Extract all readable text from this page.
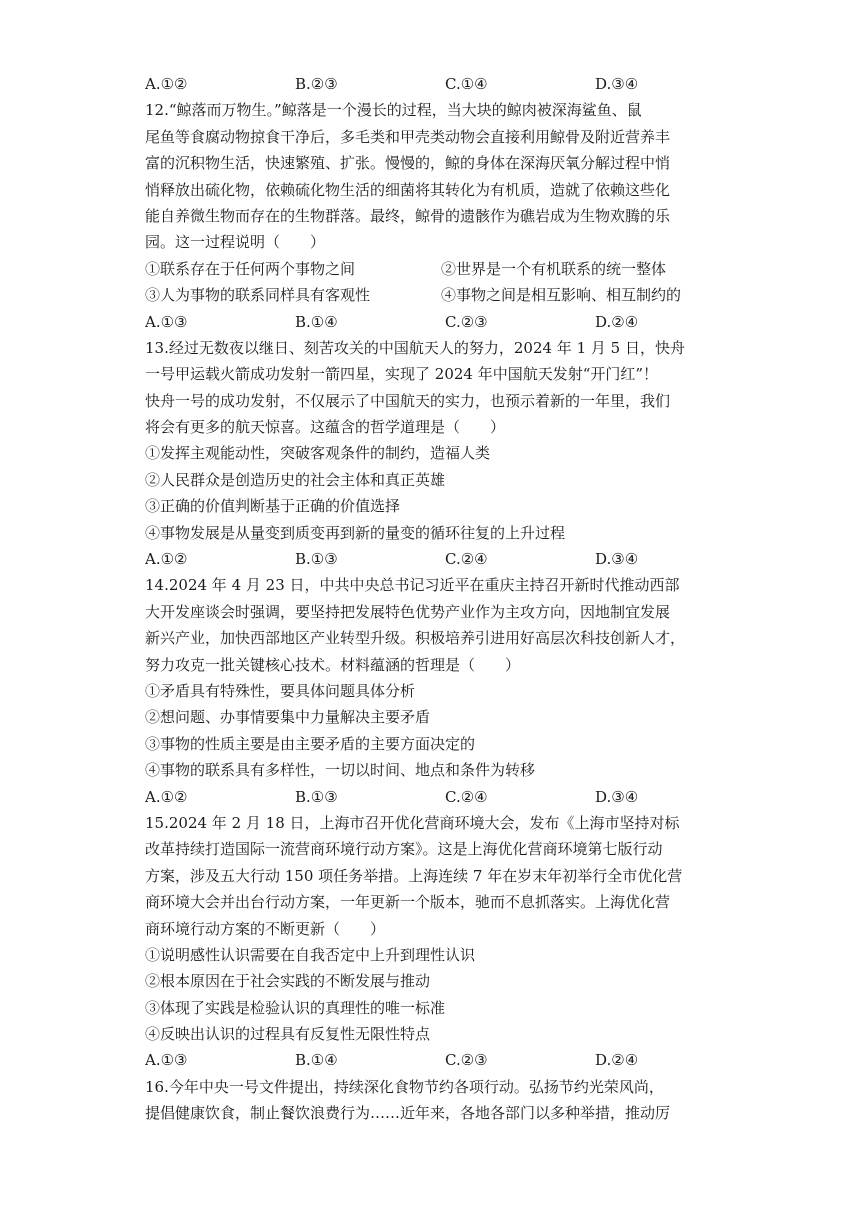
A.①②	B.②③	C.①④	D.③④
12.“鲸落而万物生。”鲸落是一个漫长的过程，当大块的鲸肉被深海鲨鱼、鼠
尾鱼等食腐动物掠食干净后，多毛类和甲壳类动物会直接利用鲸骨及附近营养丰
富的沉积物生活，快速繁殖、扩张。慢慢的，鲸的身体在深海厌氧分解过程中悄
悄释放出硫化物，依赖硫化物生活的细菌将其转化为有机质，造就了依赖这些化
能自养微生物而存在的生物群落。最终，鲸骨的遗骸作为礁岩成为生物欢腾的乐
园。这一过程说明（　　）
①联系存在于任何两个事物之间	②世界是一个有机联系的统一整体
③人为事物的联系同样具有客观性	④事物之间是相互影响、相互制约的
A.①③	B.①④	C.②③	D.②④
13.经过无数夜以继日、刻苦攻关的中国航天人的努力，2024 年 1 月 5 日，快舟
一号甲运载火箭成功发射一箭四星，实现了 2024 年中国航天发射“开门红”！
快舟一号的成功发射，不仅展示了中国航天的实力，也预示着新的一年里，我们
将会有更多的航天惊喜。这蕴含的哲学道理是（　　）
①发挥主观能动性，突破客观条件的制约，造福人类
②人民群众是创造历史的社会主体和真正英雄
③正确的价值判断基于正确的价值选择
④事物发展是从量变到质变再到新的量变的循环往复的上升过程
A.①②	B.①③	C.②④	D.③④
14.2024 年 4 月 23 日，中共中央总书记习近平在重庆主持召开新时代推动西部
大开发座谈会时强调，要坚持把发展特色优势产业作为主攻方向，因地制宜发展
新兴产业，加快西部地区产业转型升级。积极培养引进用好高层次科技创新人才，
努力攻克一批关键核心技术。材料蕴涵的哲理是（　　）
①矛盾具有特殊性，要具体问题具体分析
②想问题、办事情要集中力量解决主要矛盾
③事物的性质主要是由主要矛盾的主要方面决定的
④事物的联系具有多样性，一切以时间、地点和条件为转移
A.①②	B.①③	C.②④	D.③④
15.2024 年 2 月 18 日，上海市召开优化营商环境大会，发布《上海市坚持对标
改革持续打造国际一流营商环境行动方案》。这是上海优化营商环境第七版行动
方案，涉及五大行动 150 项任务举措。上海连续 7 年在岁末年初举行全市优化营
商环境大会并出台行动方案，一年更新一个版本，驰而不息抓落实。上海优化营
商环境行动方案的不断更新（　　）
①说明感性认识需要在自我否定中上升到理性认识
②根本原因在于社会实践的不断发展与推动
③体现了实践是检验认识的真理性的唯一标准
④反映出认识的过程具有反复性无限性特点
A.①③	B.①④	C.②③	D.②④
16.今年中央一号文件提出，持续深化食物节约各项行动。弘扬节约光荣风尚，
提倡健康饮食，制止餐饮浪费行为……近年来，各地各部门以多种举措，推动厉
